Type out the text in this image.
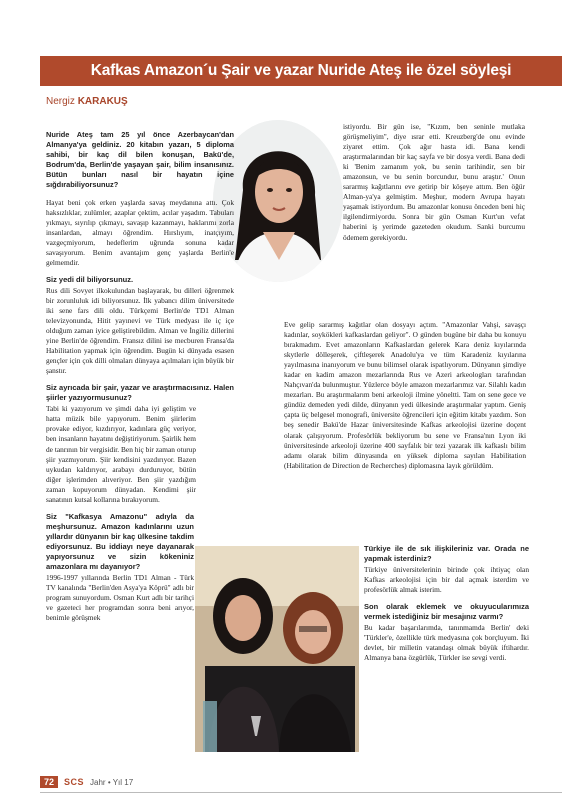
Kafkas Amazon´u Şair ve yazar Nuride Ateş ile özel söyleşi
Nergiz KARAKUŞ

Nuride Ateş tam 25 yıl önce Azerbaycan'dan Almanya'ya geldiniz. 20 kitabın yazarı, 5 diploma sahibi, bir kaç dil bilen konuşan, Bakü'de, Bodrum'da, Berlin'de yaşayan şair, bilim insanısınız. Bütün bunları nasıl bir hayatın içine sığdırabiliyorsunuz?

Hayat beni çok erken yaşlarda savaş meydanına attı. Çok haksızlıklar, zulümler, azaplar çektim, acılar yaşadım. Tabuları yıkmayı, sıyrılıp çıkmayı, savaşıp kazanmayı, haklarımı zorla insanlardan, almayı öğrendim. Hırslıyım, inatçıyım, vazgeçmiyorum, hedeflerim uğrunda sonuna kadar savaşıyorum. Benim avantajım genç yaşlarda Berlin'e gelmemdir.

Siz yedi dil biliyorsunuz.

Rus dili Sovyet ilkokulundan başlayarak, bu dilleri öğrenmek bir zorunluluk idi biliyorsunuz. İlk yabancı dilim üniversitede iki sene fars dili oldu. Türkçemi Berlin'de TD1 Alman televizyonunda, Hitit yayınevi ve Türk medyası ile iç içe olduğum zaman iyice geliştirebildim. Alman ve İngiliz dillerini yine Berlin'de öğrendim. Fransız dilini ise mecburen Fransa'da Habilitation yapmak için öğrendim. Bugün ki dünyada esasen gençler için çok dilli olmaları dünyaya açılmaları için büyük bir şanstır.

Siz ayrıcada bir şair, yazar ve araştırmacısınız. Halen şiirler yazıyormusunuz?

Tabi ki yazıyorum ve şimdi daha iyi geliştim ve hatta müzik bile yapıyorum. Benim şiirlerim provake ediyor, kızdırıyor, kadınlara güç veriyor, ben insanların hayatını değiştiriyorum. Şairlik hem de tanrının bir vergisidir. Ben hiç bir zaman oturup şiir yazmıyorum. Şiir kendisini yazdırıyor. Bazen uykudan kaldırıyor, arabayı durduruyor, bütün diğer işlerimden alıveriyor. Ben şiir yazdığım zaman kopuyorum dünyadan. Kendimi şiir sanatının kutsal kollarına bırakıyorum.

Siz "Kafkasya Amazonu" adıyla da meşhursunuz. Amazon kadınlarını uzun yıllardır dünyanın bir kaç ülkesine takdim ediyorsunuz. Bu iddiayı neye dayanarak yapıyorsunuz ve sizin kökeniniz amazonlara mı dayanıyor?

1996-1997 yıllarında Berlin TD1 Alman - Türk TV kanalında "Berlin'den Asya'ya Köprü" adlı bir program sunuyordum. Osman Kurt adlı bir tarihçi ve gazeteci her programdan sonra beni arıyor, benimle görüşmek

istiyordu. Bir gün ise, "Kızım, ben seninle mutlaka görüşmeliyim", diye ısrar etti. Kreuzberg'de onu evinde ziyaret ettim. Çok ağır hasta idi. Bana kendi araştırmalarından bir kaç sayfa ve bir dosya verdi. Bana dedi ki 'Benim zamanım yok, bu senin tarihindir, sen bir amazonsun, ve bu senin borcundur, bunu araştır.' Onun sararmış kağıtlarını eve getirip bir köşeye attım. Ben öğür Alman-ya'ya gelmiştim. Meşhur, modern Avrupa hayatı yaşamak istiyordum. Bu amazonlar konusu önceden beni hiç ilgilendirmiyordu. Sonra bir gün Osman Kurt'un vefat haberini iş yerimde gazeteden okudum. Sanki burcumu ödemem gerekiyordu.

Eve gelip sararmış kağıtlar olan dosyayı açtım. "Amazonlar Vahşi, savaşçı kadınlar, soykökleri kafkaslardan geliyor". O günden bugüne bir daha bu konuyu bırakmadım. Evet amazonların Kafkaslardan gelerek Kara deniz kıyılarında skytlerle dölleşerek, çiftleşerek Anadolu'ya ve tüm Karadeniz kıyılarına yayılmasına inanıyorum ve bunu bilimsel olarak ispatlıyorum. Dünyanın şimdiye kadar en kadim amazon mezarlarında Rus ve Azeri arkeologları tarafından Nahçıvan'da bulunmuştur. Yüzlerce böyle amazon mezarlarımız var. Silahlı kadın mezarları. Bu araştırmalarım beni arkeoloji ilmine yöneltti. Tam on sene gece ve gündüz demeden yedi dilde, dünyanın yedi ülkesinde araştırmalar yaptım. Geniş çapta üç belgesel monografi, üniversite öğrencileri için eğitim kitabı yazdım. Son beş senedir Bakü'de Hazar üniversitesinde Kafkas arkeolojisi üzerine doçent olarak çalışıyorum. Profesörlük bekliyorum bu sene ve Fransa'nın Lyon iki üniversitesinde arkeoloji üzerine 400 sayfalık bir tezi yazarak ilk kafkaslı bilim adamı olarak bilim dünyasında en yüksek diploma sayılan Habilitation (Habilitation de Direction de Recherches) diplomasına layık görüldüm.

Türkiye ile de sık ilişkileriniz var. Orada ne yapmak isterdiniz?

Türkiye üniversitelerinin birinde çok ihtiyaç olan Kafkas arkeolojisi için bir dal açmak isterdim ve profesörlük almak isterim.

Son olarak eklemek ve okuyucularımıza vermek istediğiniz bir mesajınız varmı?

Bu kadar başarılarımda, tanınmamda Berlin' deki 'Türkler'e, özellikle türk medyasına çok borçluyum. İki devlet, bir milletin vatandaşı olmak büyük iftihardır. Almanya bana özgürlük, Türkler ise sevgi verdi.

72	SCS Jahr • Yıl 17
